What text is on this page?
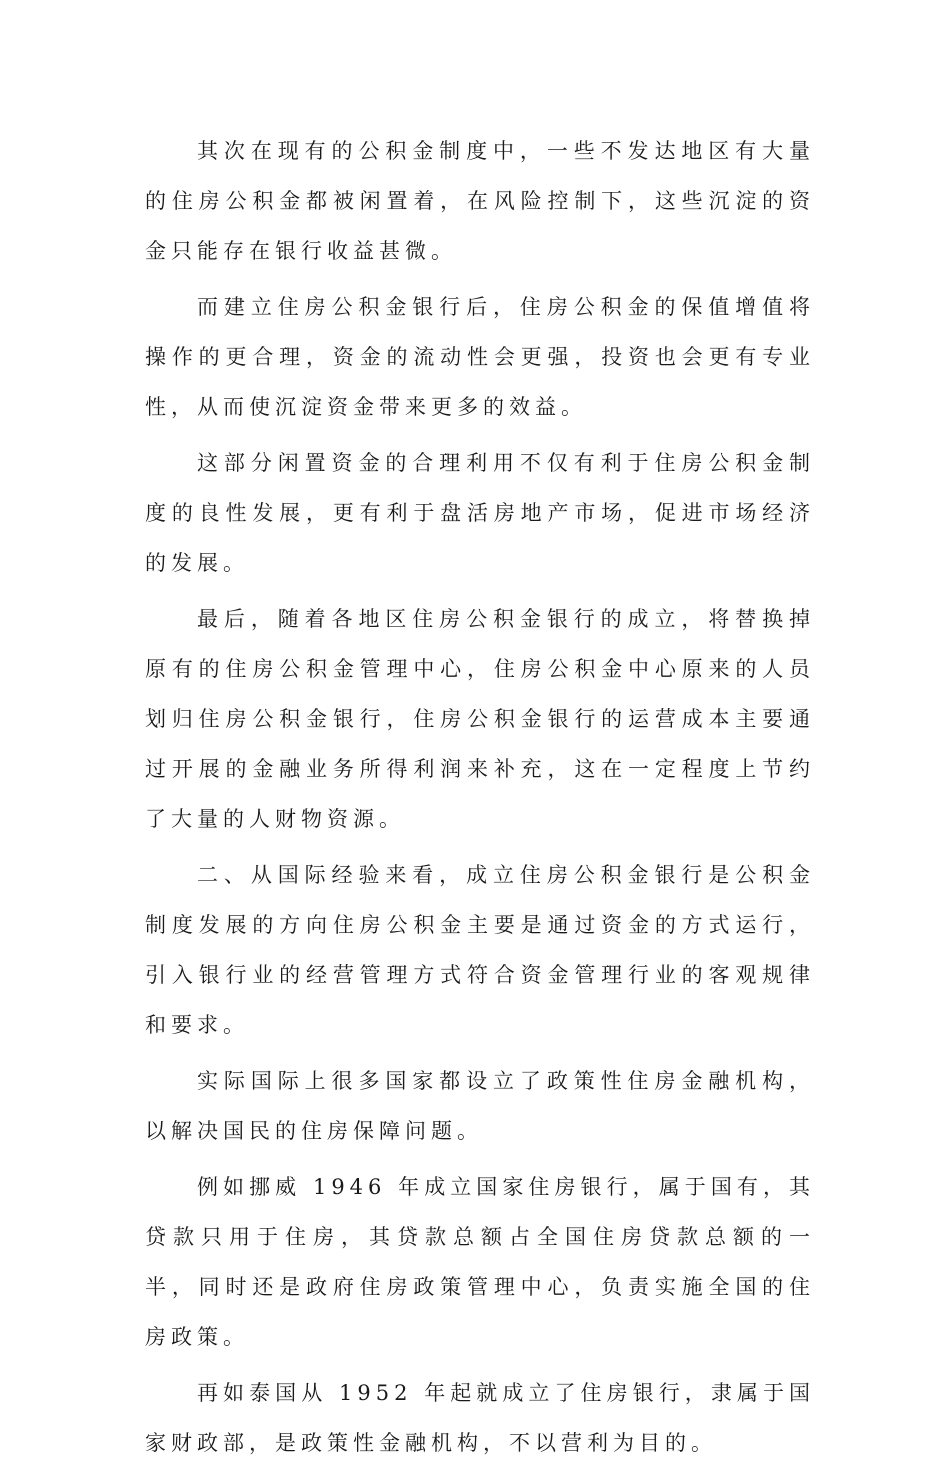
其次在现有的公积金制度中，一些不发达地区有大量的住房公积金都被闲置着，在风险控制下，这些沉淀的资金只能存在银行收益甚微。

而建立住房公积金银行后，住房公积金的保值增值将操作的更合理，资金的流动性会更强，投资也会更有专业性，从而使沉淀资金带来更多的效益。

这部分闲置资金的合理利用不仅有利于住房公积金制度的良性发展，更有利于盘活房地产市场，促进市场经济的发展。

最后，随着各地区住房公积金银行的成立，将替换掉原有的住房公积金管理中心，住房公积金中心原来的人员划归住房公积金银行，住房公积金银行的运营成本主要通过开展的金融业务所得利润来补充，这在一定程度上节约了大量的人财物资源。

二、从国际经验来看，成立住房公积金银行是公积金制度发展的方向住房公积金主要是通过资金的方式运行，引入银行业的经营管理方式符合资金管理行业的客观规律和要求。

实际国际上很多国家都设立了政策性住房金融机构，以解决国民的住房保障问题。

例如挪威 1946 年成立国家住房银行，属于国有，其贷款只用于住房，其贷款总额占全国住房贷款总额的一半，同时还是政府住房政策管理中心，负责实施全国的住房政策。

再如泰国从 1952 年起就成立了住房银行，隶属于国家财政部，是政策性金融机构，不以营利为目的。
